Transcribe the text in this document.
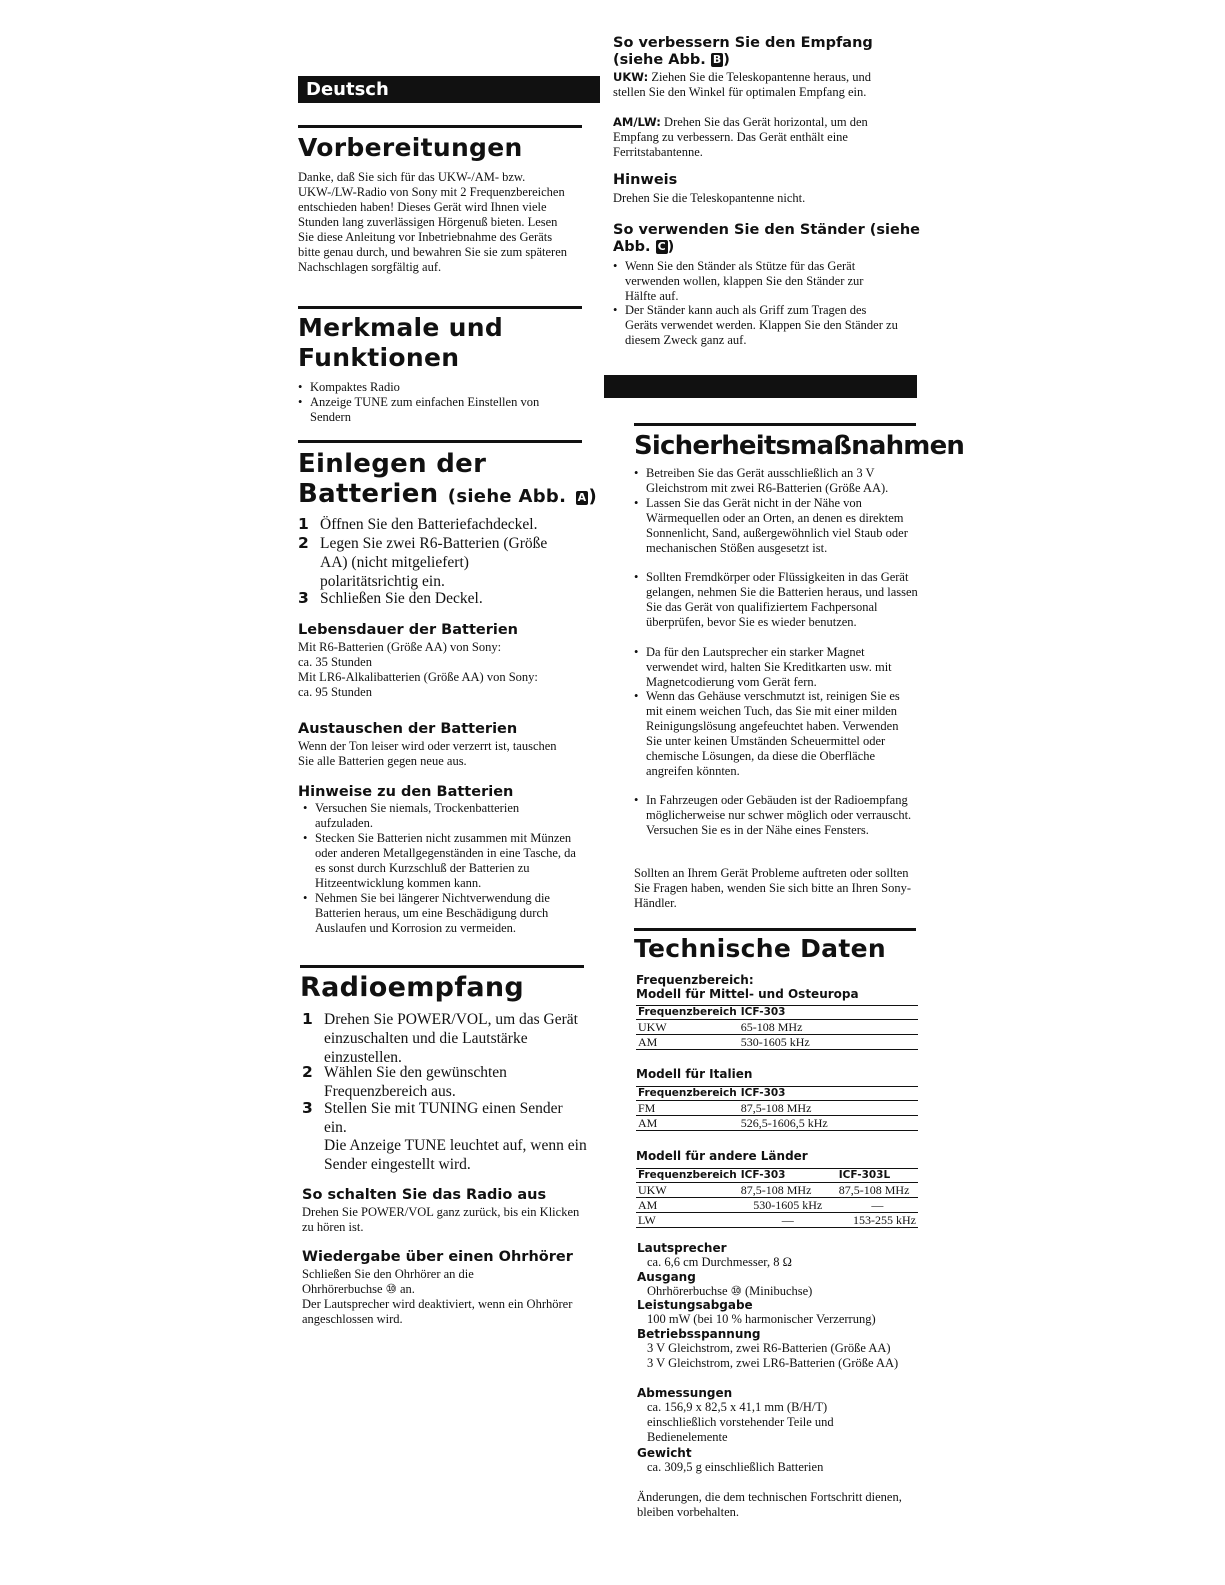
Deutsch
Vorbereitungen
Danke, daß Sie sich für das UKW-/AM- bzw. UKW-/LW-Radio von Sony mit 2 Frequenzbereichen entschieden haben! Dieses Gerät wird Ihnen viele Stunden lang zuverlässigen Hörgenuß bieten. Lesen Sie diese Anleitung vor Inbetriebnahme des Geräts bitte genau durch, und bewahren Sie sie zum späteren Nachschlagen sorgfältig auf.
Merkmale und
Funktionen
• Kompaktes Radio
• Anzeige TUNE zum einfachen Einstellen von Sendern
Einlegen der
Batterien (siehe Abb. A )
1 Öffnen Sie den Batteriefachdeckel.
2 Legen Sie zwei R6-Batterien (Größe AA) (nicht mitgeliefert) polaritätsrichtig ein.
3 Schließen Sie den Deckel.
Lebensdauer der Batterien
Mit R6-Batterien (Größe AA) von Sony:
ca. 35 Stunden
Mit LR6-Alkalibatterien (Größe AA) von Sony:
ca. 95 Stunden
Austauschen der Batterien
Wenn der Ton leiser wird oder verzerrt ist, tauschen Sie alle Batterien gegen neue aus.
Hinweise zu den Batterien
• Versuchen Sie niemals, Trockenbatterien aufzuladen.
• Stecken Sie Batterien nicht zusammen mit Münzen oder anderen Metallgegenständen in eine Tasche, da es sonst durch Kurzschluß der Batterien zu Hitzeentwicklung kommen kann.
• Nehmen Sie bei längerer Nichtverwendung die Batterien heraus, um eine Beschädigung durch Auslaufen und Korrosion zu vermeiden.
Radioempfang
1 Drehen Sie POWER/VOL, um das Gerät einzuschalten und die Lautstärke einzustellen.
2 Wählen Sie den gewünschten Frequenzbereich aus.
3 Stellen Sie mit TUNING einen Sender ein.
Die Anzeige TUNE leuchtet auf, wenn ein Sender eingestellt wird.
So schalten Sie das Radio aus
Drehen Sie POWER/VOL ganz zurück, bis ein Klicken zu hören ist.
Wiedergabe über einen Ohrhörer
Schließen Sie den Ohrhörer an die Ohrhörerbuchse ⑩ an.
Der Lautsprecher wird deaktiviert, wenn ein Ohrhörer angeschlossen wird.
So verbessern Sie den Empfang
(siehe Abb. B )
UKW: Ziehen Sie die Teleskopantenne heraus, und stellen Sie den Winkel für optimalen Empfang ein.
AM/LW: Drehen Sie das Gerät horizontal, um den Empfang zu verbessern. Das Gerät enthält eine Ferritstabantenne.
Hinweis
Drehen Sie die Teleskopantenne nicht.
So verwenden Sie den Ständer (siehe
Abb. C )
• Wenn Sie den Ständer als Stütze für das Gerät verwenden wollen, klappen Sie den Ständer zur Hälfte auf.
• Der Ständer kann auch als Griff zum Tragen des Geräts verwendet werden. Klappen Sie den Ständer zu diesem Zweck ganz auf.
Sicherheitsmaßnahmen
• Betreiben Sie das Gerät ausschließlich an 3 V Gleichstrom mit zwei R6-Batterien (Größe AA).
• Lassen Sie das Gerät nicht in der Nähe von Wärmequellen oder an Orten, an denen es direktem Sonnenlicht, Sand, außergewöhnlich viel Staub oder mechanischen Stößen ausgesetzt ist.
• Sollten Fremdkörper oder Flüssigkeiten in das Gerät gelangen, nehmen Sie die Batterien heraus, und lassen Sie das Gerät von qualifiziertem Fachpersonal überprüfen, bevor Sie es wieder benutzen.
• Da für den Lautsprecher ein starker Magnet verwendet wird, halten Sie Kreditkarten usw. mit Magnetcodierung vom Gerät fern.
• Wenn das Gehäuse verschmutzt ist, reinigen Sie es mit einem weichen Tuch, das Sie mit einer milden Reinigungslösung angefeuchtet haben. Verwenden Sie unter keinen Umständen Scheuermittel oder chemische Lösungen, da diese die Oberfläche angreifen könnten.
• In Fahrzeugen oder Gebäuden ist der Radioempfang möglicherweise nur schwer möglich oder verrauscht. Versuchen Sie es in der Nähe eines Fensters.
Sollten an Ihrem Gerät Probleme auftreten oder sollten Sie Fragen haben, wenden Sie sich bitte an Ihren Sony-Händler.
Technische Daten
Frequenzbereich:
Modell für Mittel- und Osteuropa
Frequenzbereich	ICF-303
UKW	65-108 MHz
AM	530-1605 kHz
Modell für Italien
Frequenzbereich	ICF-303
FM	87,5-108 MHz
AM	526,5-1606,5 kHz
Modell für andere Länder
Frequenzbereich	ICF-303	ICF-303L
UKW	87,5-108 MHz	87,5-108 MHz
AM	530-1605 kHz	—
LW	—	153-255 kHz
Lautsprecher
ca. 6,6 cm Durchmesser, 8 Ω
Ausgang
Ohrhörerbuchse ⑩ (Minibuchse)
Leistungsabgabe
100 mW (bei 10 % harmonischer Verzerrung)
Betriebsspannung
3 V Gleichstrom, zwei R6-Batterien (Größe AA)
3 V Gleichstrom, zwei LR6-Batterien (Größe AA)
Abmessungen
ca. 156,9 x 82,5 x 41,1 mm (B/H/T) einschließlich vorstehender Teile und Bedienelemente
Gewicht
ca. 309,5 g einschließlich Batterien
Änderungen, die dem technischen Fortschritt dienen, bleiben vorbehalten.
